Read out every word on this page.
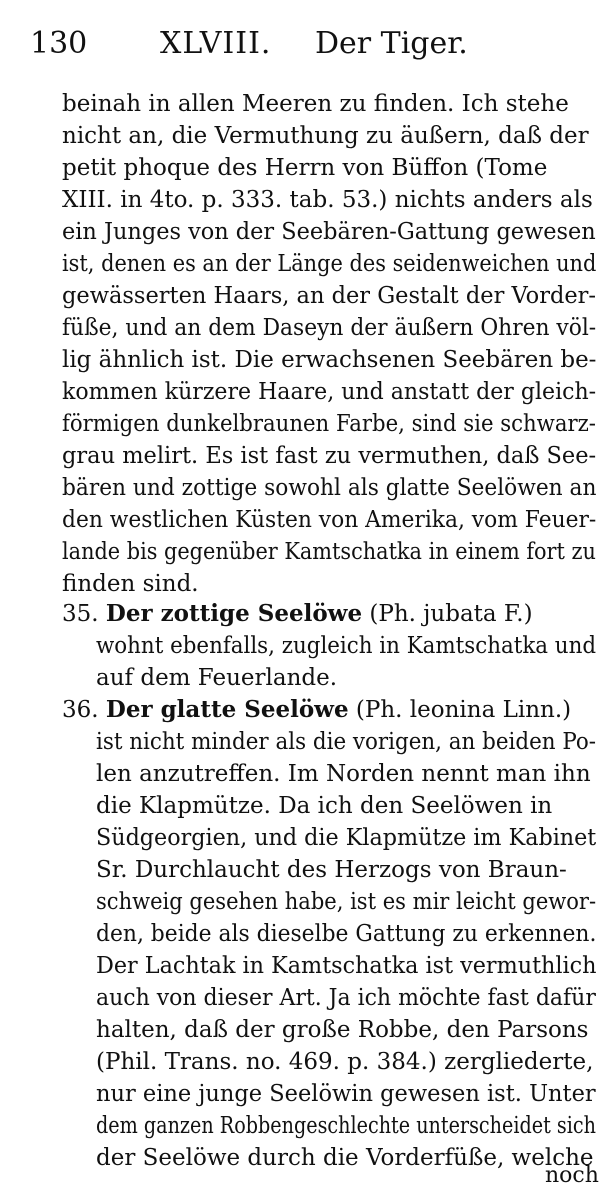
130 XLVIII. Der Tiger.
beinah in allen Meeren zu finden. Ich stehe
nicht an, die Vermuthung zu äußern, daß der
petit phoque des Herrn von Büffon (Tome
XIII. in 4to. p. 333. tab. 53.) nichts anders als
ein Junges von der Seebären-Gattung gewesen
ist, denen es an der Länge des seidenweichen und
gewässerten Haars, an der Gestalt der Vorder-
füße, und an dem Daseyn der äußern Ohren völ-
lig ähnlich ist. Die erwachsenen Seebären be-
kommen kürzere Haare, und anstatt der gleich-
förmigen dunkelbraunen Farbe, sind sie schwarz-
grau melirt. Es ist fast zu vermuthen, daß See-
bären und zottige sowohl als glatte Seelöwen an
den westlichen Küsten von Amerika, vom Feuer-
lande bis gegenüber Kamtschatka in einem fort zu
finden sind.
35. Der zottige Seelöwe (Ph. jubata F.)
wohnt ebenfalls, zugleich in Kamtschatka und
auf dem Feuerlande.
36. Der glatte Seelöwe (Ph. leonina Linn.)
ist nicht minder als die vorigen, an beiden Po-
len anzutreffen. Im Norden nennt man ihn
die Klapmütze. Da ich den Seelöwen in
Südgeorgien, und die Klapmütze im Kabinet
Sr. Durchlaucht des Herzogs von Braun-
schweig gesehen habe, ist es mir leicht gewor-
den, beide als dieselbe Gattung zu erkennen.
Der Lachtak in Kamtschatka ist vermuthlich
auch von dieser Art. Ja ich möchte fast dafür
halten, daß der große Robbe, den Parsons
(Phil. Trans. no. 469. p. 384.) zergliederte,
nur eine junge Seelöwin gewesen ist. Unter
dem ganzen Robbengeschlechte unterscheidet sich
der Seelöwe durch die Vorderfüße, welche
noch
